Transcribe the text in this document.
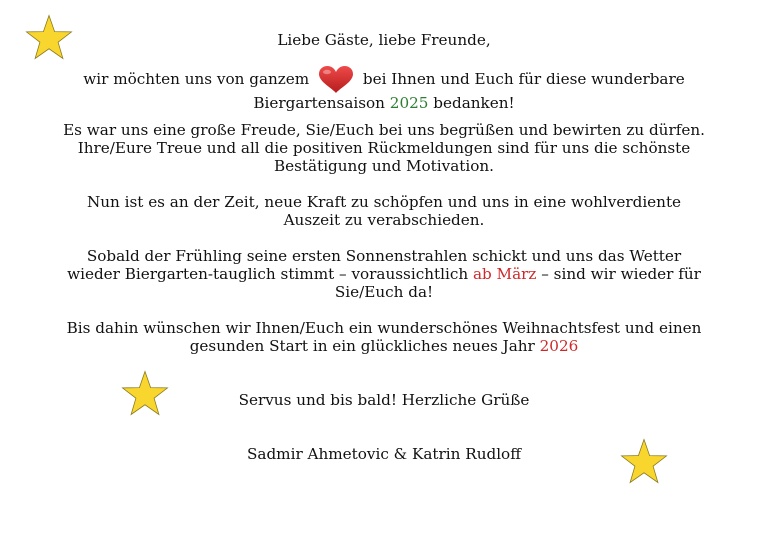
Liebe Gäste, liebe Freunde,
wir möchten uns von ganzem	bei Ihnen und Euch für diese wunderbare
Biergartensaison 2025 bedanken!
Es war uns eine große Freude, Sie/Euch bei uns begrüßen und bewirten zu dürfen.
Ihre/Eure Treue und all die positiven Rückmeldungen sind für uns die schönste
Bestätigung und Motivation.
Nun ist es an der Zeit, neue Kraft zu schöpfen und uns in eine wohlverdiente
Auszeit zu verabschieden.
Sobald der Frühling seine ersten Sonnenstrahlen schickt und uns das Wetter
wieder Biergarten-tauglich stimmt – voraussichtlich ab März – sind wir wieder für
Sie/Euch da!
Bis dahin wünschen wir Ihnen/Euch ein wunderschönes Weihnachtsfest und einen
gesunden Start in ein glückliches neues Jahr 2026
Servus und bis bald! Herzliche Grüße
Sadmir Ahmetovic & Katrin Rudloff
